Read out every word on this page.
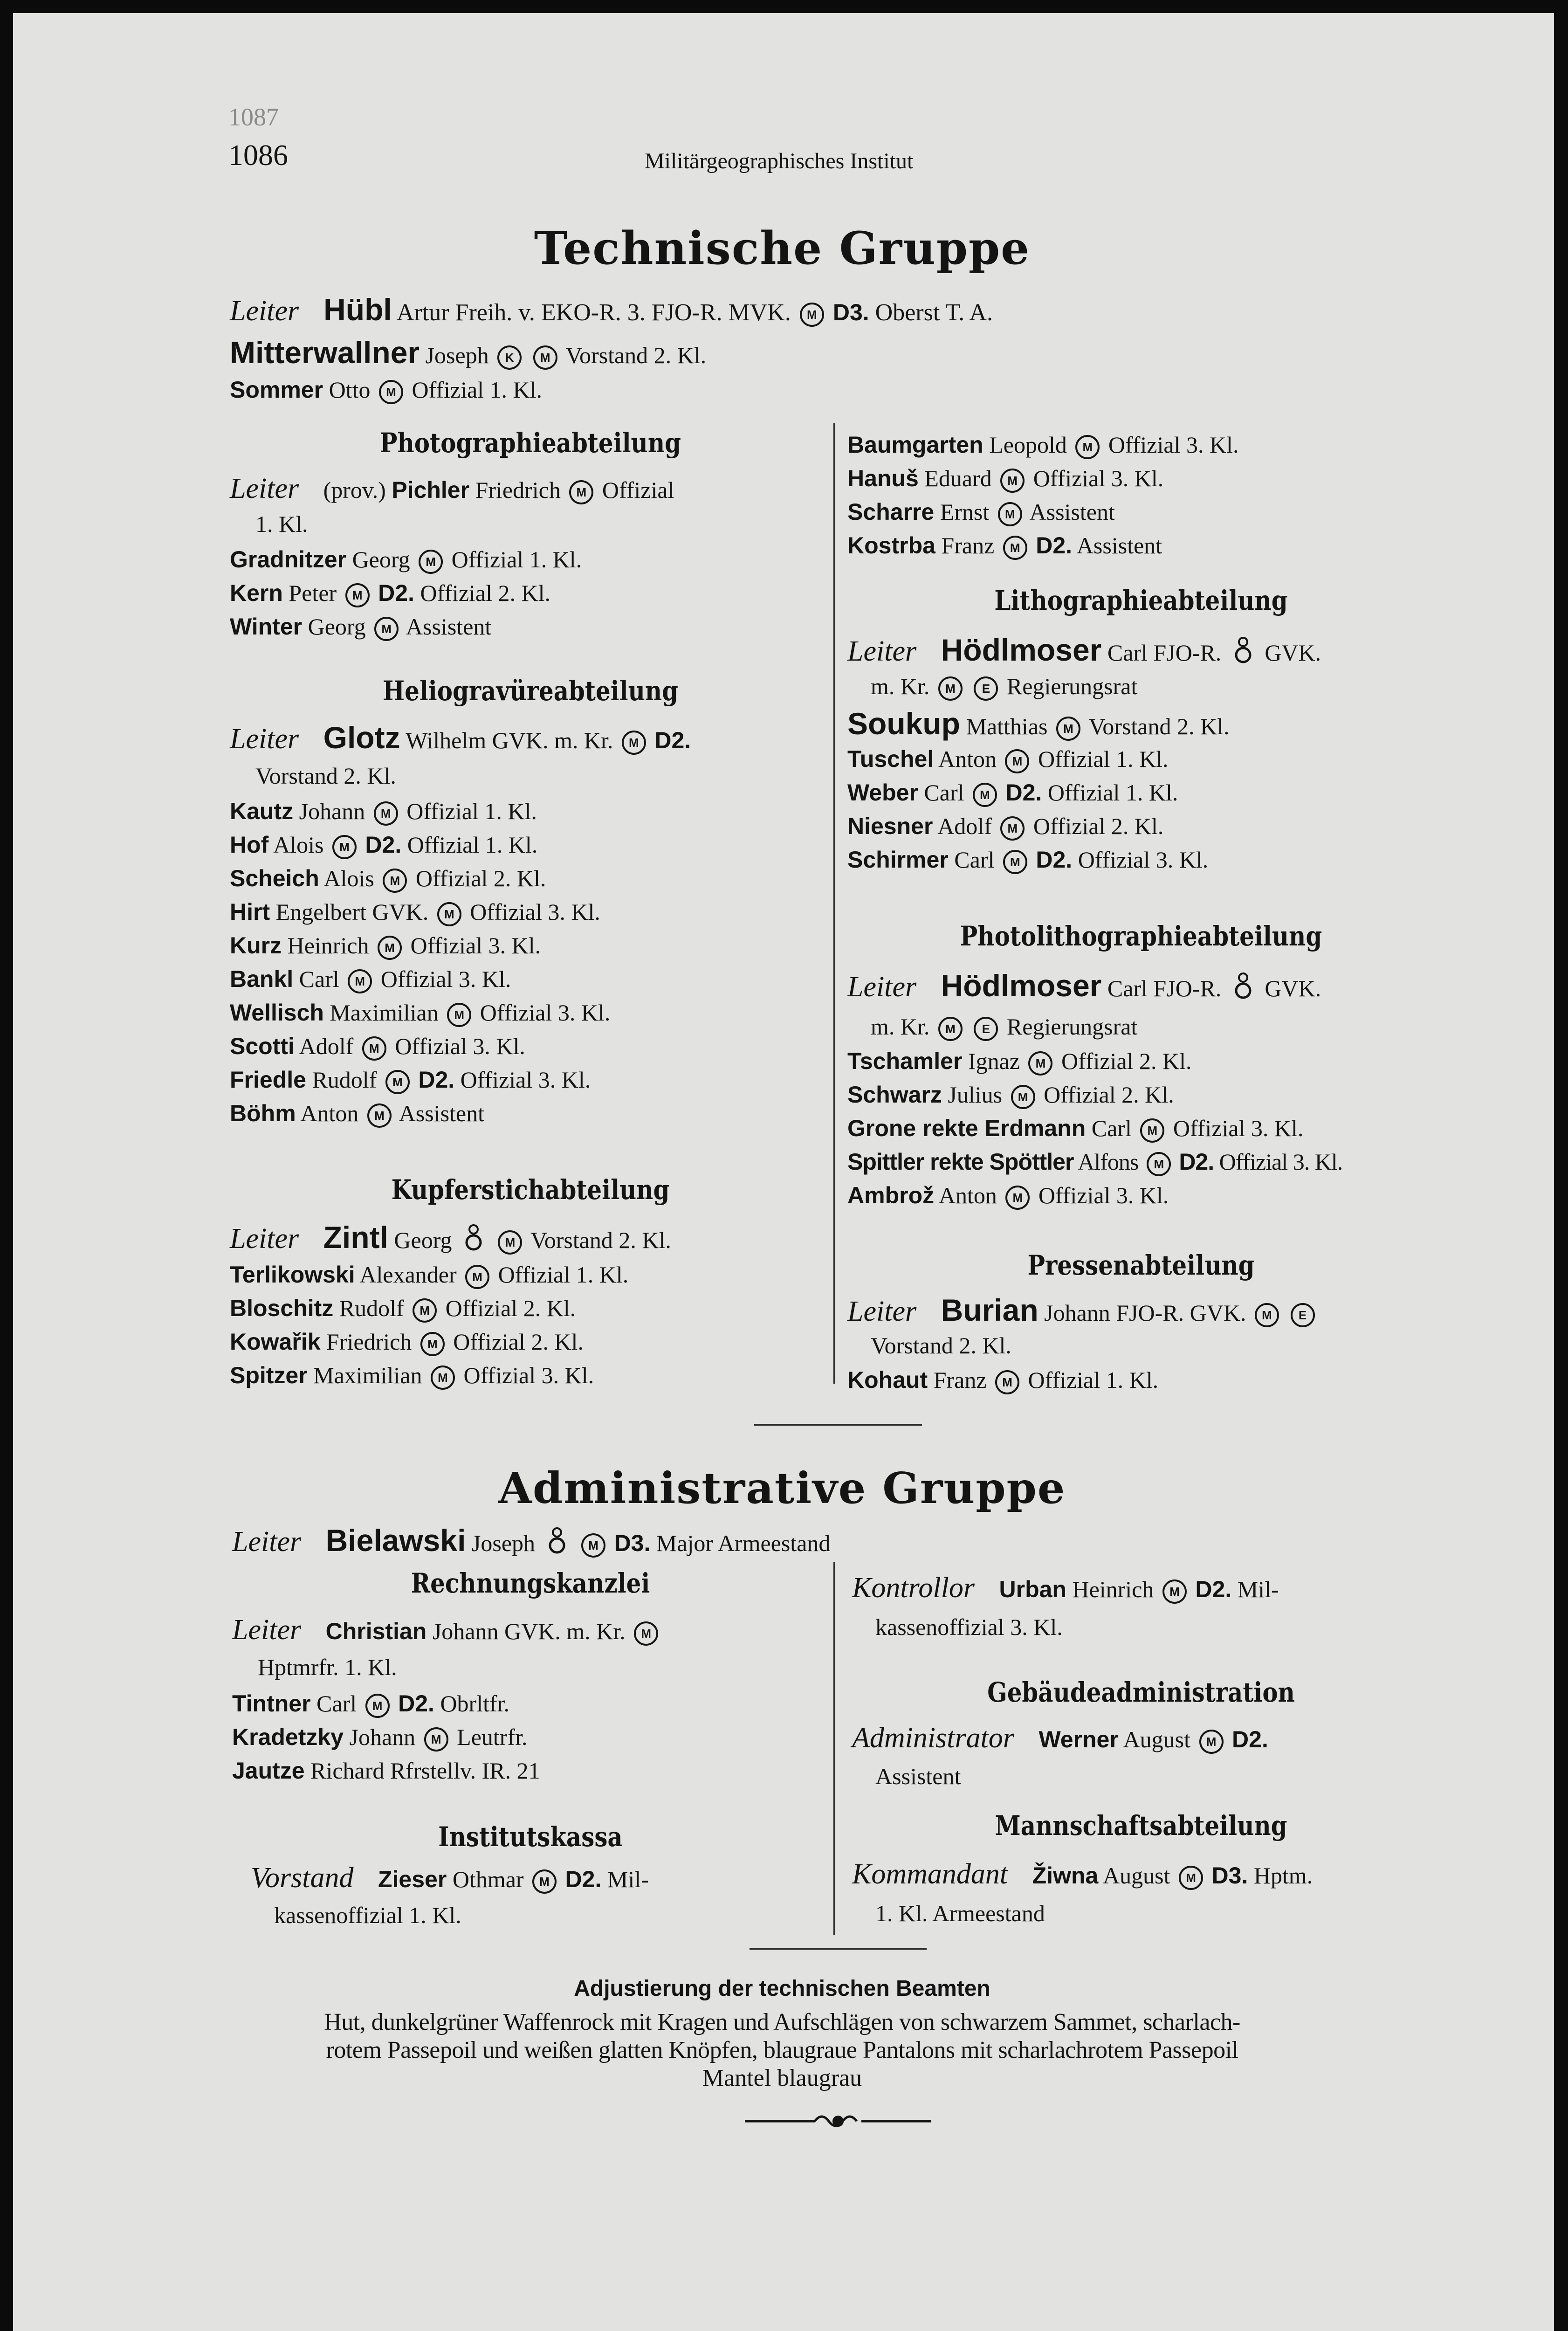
1087
1086	Militärgeographisches Institut
Technische Gruppe
Leiter Hübl Artur Freih. v. EKO-R. 3. FJO-R. MVK. M D3. Oberst T. A.
Mitterwallner Joseph K M Vorstand 2. Kl.
Sommer Otto M Offizial 1. Kl.
Photographieabteilung
Leiter (prov.) Pichler Friedrich M Offizial
1. Kl.
Gradnitzer Georg M Offizial 1. Kl.
Kern Peter M D2. Offizial 2. Kl.
Winter Georg M Assistent
Heliogravüreabteilung
Leiter Glotz Wilhelm GVK. m. Kr. M D2.
Vorstand 2. Kl.
Kautz Johann M Offizial 1. Kl.
Hof Alois M D2. Offizial 1. Kl.
Scheich Alois M Offizial 2. Kl.
Hirt Engelbert GVK. M Offizial 3. Kl.
Kurz Heinrich M Offizial 3. Kl.
Bankl Carl M Offizial 3. Kl.
Wellisch Maximilian M Offizial 3. Kl.
Scotti Adolf M Offizial 3. Kl.
Friedle Rudolf M D2. Offizial 3. Kl.
Böhm Anton M Assistent
Kupferstichabteilung
Leiter Zintl Georg	M Vorstand 2. Kl.
Terlikowski Alexander M Offizial 1. Kl.
Bloschitz Rudolf M Offizial 2. Kl.
Kowařik Friedrich M Offizial 2. Kl.
Spitzer Maximilian M Offizial 3. Kl.
Baumgarten Leopold M Offizial 3. Kl.
Hanuš Eduard M Offizial 3. Kl.
Scharre Ernst M Assistent
Kostrba Franz M D2. Assistent
Lithographieabteilung
Leiter Hödlmoser Carl FJO-R. GVK.
m. Kr. M E Regierungsrat
Soukup Matthias M Vorstand 2. Kl.
Tuschel Anton M Offizial 1. Kl.
Weber Carl M D2. Offizial 1. Kl.
Niesner Adolf M Offizial 2. Kl.
Schirmer Carl M D2. Offizial 3. Kl.
Photolithographieabteilung
Leiter Hödlmoser Carl FJO-R. GVK.
m. Kr. M E Regierungsrat
Tschamler Ignaz M Offizial 2. Kl.
Schwarz Julius M Offizial 2. Kl.
Grone rekte Erdmann Carl M Offizial 3. Kl.
Spittler rekte Spöttler Alfons M D2. Offizial 3. Kl.
Ambrož Anton M Offizial 3. Kl.
Pressenabteilung
Leiter Burian Johann FJO-R. GVK. M E
Vorstand 2. Kl.
Kohaut Franz M Offizial 1. Kl.
Administrative Gruppe
Leiter Bielawski Joseph	M D3. Major Armeestand
Rechnungskanzlei
Leiter Christian Johann GVK. m. Kr. M
Hptmrfr. 1. Kl.
Tintner Carl M D2. Obrltfr.
Kradetzky Johann M Leutrfr.
Jautze Richard Rfrstellv. IR. 21
Institutskassa
Vorstand Zieser Othmar M D2. Mil-
kassenoffizial 1. Kl.
Kontrollor Urban Heinrich M D2. Mil-
kassenoffizial 3. Kl.
Gebäudeadministration
Administrator Werner August M D2.
Assistent
Mannschaftsabteilung
Kommandant Žiwna August M D3. Hptm.
1. Kl. Armeestand
Adjustierung der technischen Beamten
Hut, dunkelgrüner Waffenrock mit Kragen und Aufschlägen von schwarzem Sammet, scharlach-
rotem Passepoil und weißen glatten Knöpfen, blaugraue Pantalons mit scharlachrotem Passepoil
Mantel blaugrau
